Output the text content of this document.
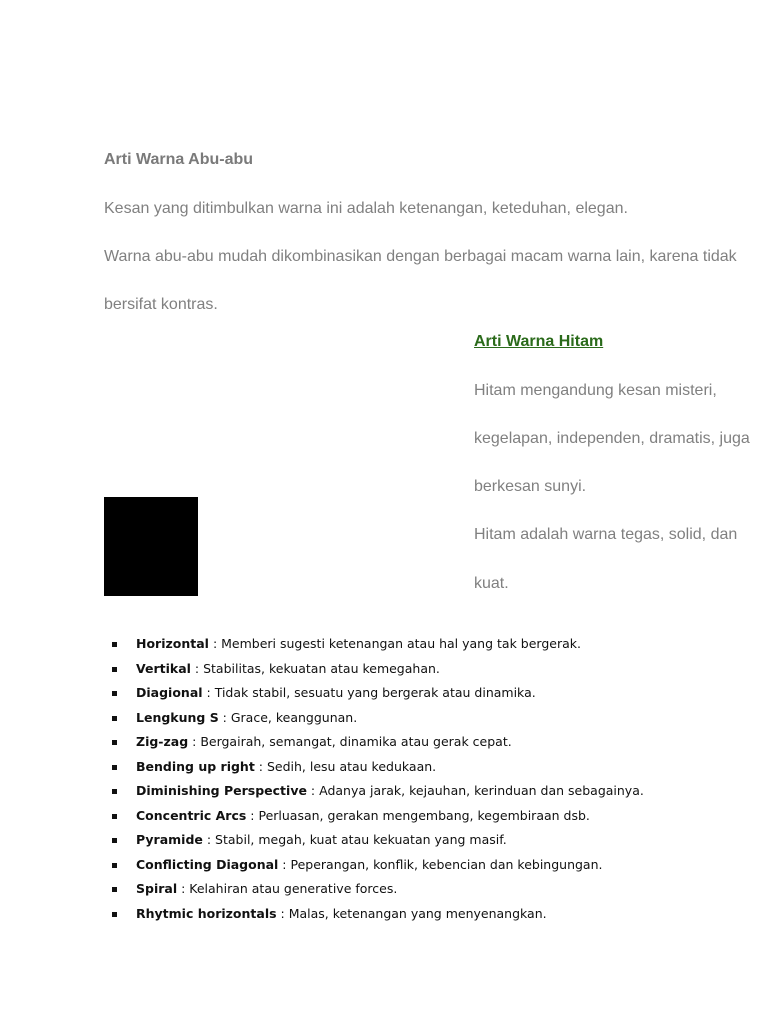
Arti Warna Abu-abu

Kesan yang ditimbulkan warna ini adalah ketenangan, keteduhan, elegan.

Warna abu-abu mudah dikombinasikan dengan berbagai macam warna lain, karena tidak

bersifat kontras.

Arti Warna Hitam

Hitam mengandung kesan misteri,

kegelapan, independen, dramatis, juga

berkesan sunyi.

Hitam adalah warna tegas, solid, dan

kuat.

Horizontal : Memberi sugesti ketenangan atau hal yang tak bergerak.
Vertikal : Stabilitas, kekuatan atau kemegahan.
Diagional : Tidak stabil, sesuatu yang bergerak atau dinamika.
Lengkung S : Grace, keanggunan.
Zig-zag : Bergairah, semangat, dinamika atau gerak cepat.
Bending up right : Sedih, lesu atau kedukaan.
Diminishing Perspective : Adanya jarak, kejauhan, kerinduan dan sebagainya.
Concentric Arcs : Perluasan, gerakan mengembang, kegembiraan dsb.
Pyramide : Stabil, megah, kuat atau kekuatan yang masif.
Conflicting Diagonal : Peperangan, konflik, kebencian dan kebingungan.
Spiral : Kelahiran atau generative forces.
Rhytmic horizontals : Malas, ketenangan yang menyenangkan.
